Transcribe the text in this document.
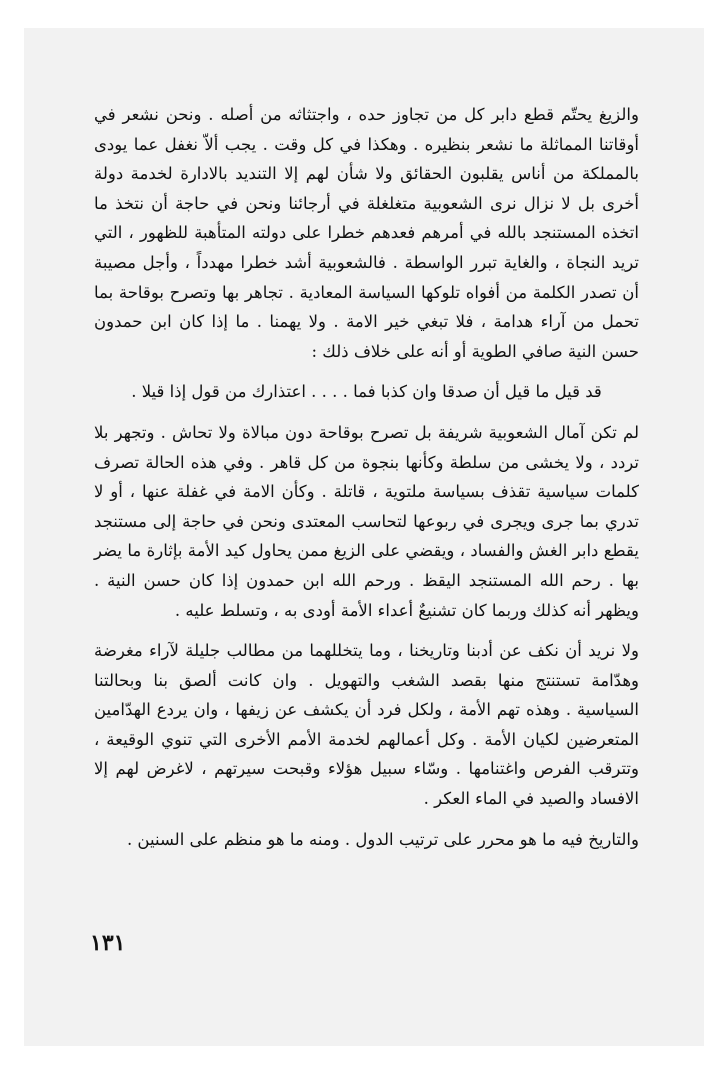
والزيغ يحتّم قطع دابر كل من تجاوز حده ، واجتثاثه من أصله . ونحن نشعر في أوقاتنا المماثلة ما نشعر بنظيره . وهكذا في كل وقت . يجب ألاّ نغفل عما يودى بالمملكة من أناس يقلبون الحقائق ولا شأن لهم إلا التنديد بالادارة لخدمة دولة أخرى بل لا نزال نرى الشعوبية متغلغلة في أرجائنا ونحن في حاجة أن نتخذ ما اتخذه المستنجد بالله في أمرهم فعدهم خطرا على دولته المتأهبة للظهور ، التي تريد النجاة ، والغاية تبرر الواسطة . فالشعوبية أشد خطرا مهدداً ، وأجل مصيبة أن تصدر الكلمة من أفواه تلوكها السياسة المعادية . تجاهر بها وتصرح بوقاحة بما تحمل من آراء هدامة ، فلا تبغي خير الامة . ولا يهمنا . ما إذا كان ابن حمدون حسن النية صافي الطوية أو أنه على خلاف ذلك :

قد قيل ما قيل أن صدقا وان كذبا فما . . . . اعتذارك من قول إذا قيلا .

لم تكن آمال الشعوبية شريفة بل تصرح بوقاحة دون مبالاة ولا تحاش . وتجهر بلا تردد ، ولا يخشى من سلطة وكأنها بنجوة من كل قاهر . وفي هذه الحالة تصرف كلمات سياسية تقذف بسياسة ملتوية ، قاتلة . وكأن الامة في غفلة عنها ، أو لا تدري بما جرى ويجرى في ربوعها لتحاسب المعتدى ونحن في حاجة إلى مستنجد يقطع دابر الغش والفساد ، ويقضي على الزيغ ممن يحاول كيد الأمة بإثارة ما يضر بها . رحم الله المستنجد اليقظ . ورحم الله ابن حمدون إذا كان حسن النية . ويظهر أنه كذلك وربما كان تشنيعٌ أعداء الأمة أودى به ، وتسلط عليه .

ولا نريد أن نكف عن أدبنا وتاريخنا ، وما يتخللهما من مطالب جليلة لآراء مغرضة وهدّامة تستنتج منها بقصد الشغب والتهويل . وان كانت ألصق بنا وبحالتنا السياسية . وهذه تهم الأمة ، ولكل فرد أن يكشف عن زيفها ، وان يردع الهدّامين المتعرضين لكيان الأمة . وكل أعمالهم لخدمة الأمم الأخرى التي تنوي الوقيعة ، وتترقب الفرص واغتنامها . وسّاء سبيل هؤلاء وقبحت سيرتهم ، لاغرض لهم إلا الافساد والصيد في الماء العكر .

والتاريخ فيه ما هو محرر على ترتيب الدول . ومنه ما هو منظم على السنين .

١٣١
